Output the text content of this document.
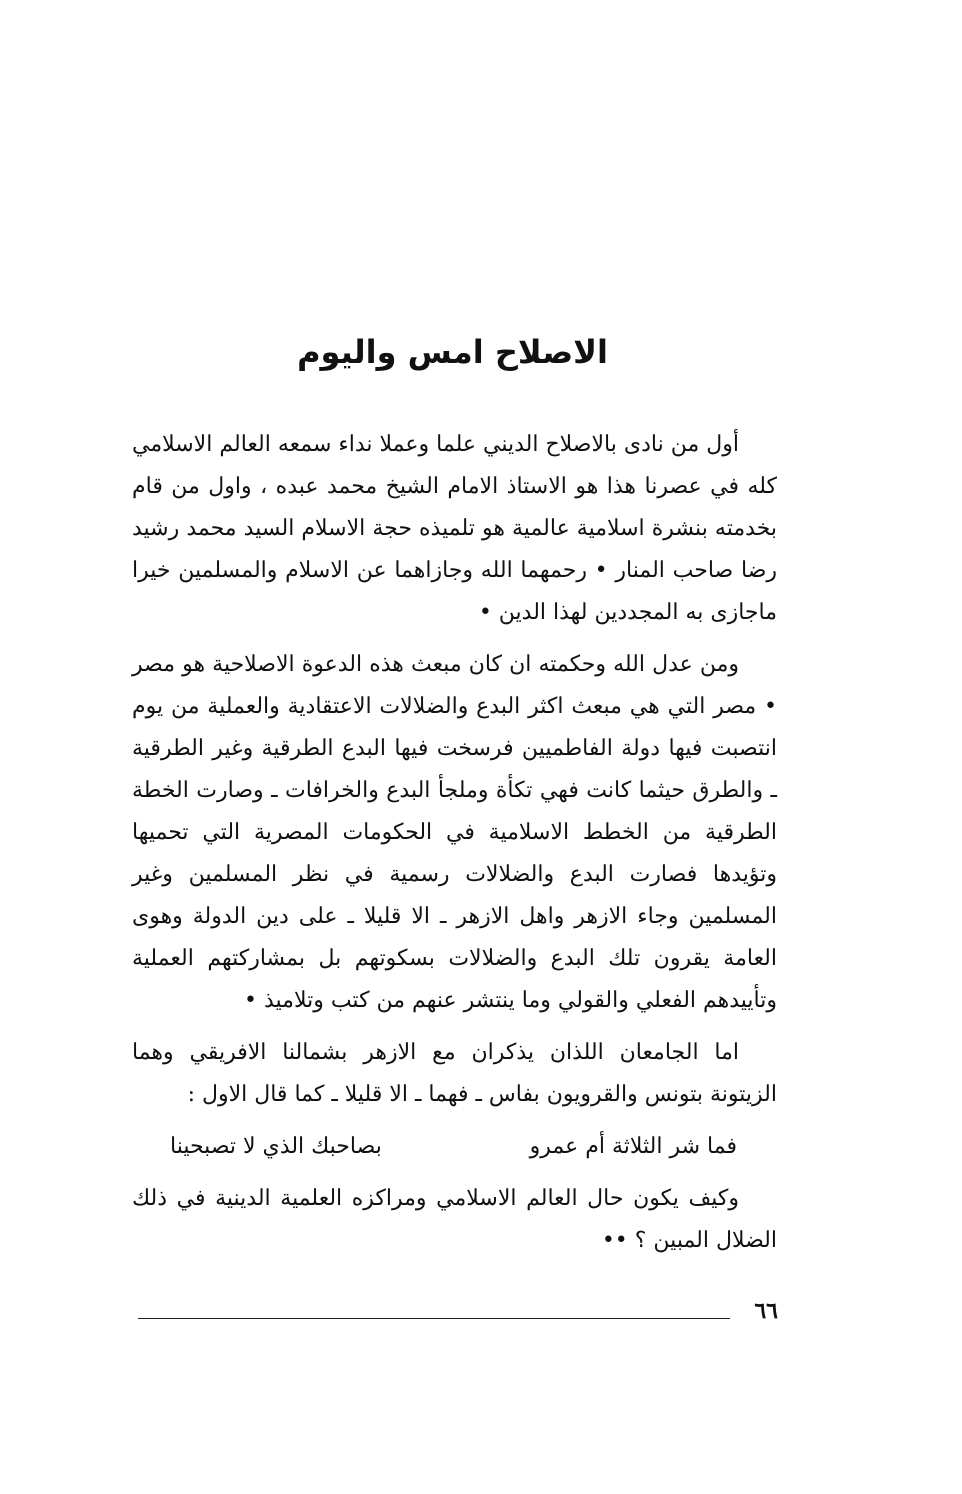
الاصلاح امس واليوم

أول من نادى بالاصلاح الديني علما وعملا نداء سمعه العالم الاسلامي كله في عصرنا هذا هو الاستاذ الامام الشيخ محمد عبده ، واول من قام بخدمته بنشرة اسلامية عالمية هو تلميذه حجة الاسلام السيد محمد رشيد رضا صاحب المنار • رحمهما الله وجازاهما عن الاسلام والمسلمين خيرا ماجازى به المجددين لهذا الدين •

ومن عدل الله وحكمته ان كان مبعث هذه الدعوة الاصلاحية هو مصر • مصر التي هي مبعث اكثر البدع والضلالات الاعتقادية والعملية من يوم انتصبت فيها دولة الفاطميين فرسخت فيها البدع الطرقية وغير الطرقية ـ والطرق حيثما كانت فهي تكأة وملجأ البدع والخرافات ـ وصارت الخطة الطرقية من الخطط الاسلامية في الحكومات المصرية التي تحميها وتؤيدها فصارت البدع والضلالات رسمية في نظر المسلمين وغير المسلمين وجاء الازهر واهل الازهر ـ الا قليلا ـ على دين الدولة وهوى العامة يقرون تلك البدع والضلالات بسكوتهم بل بمشاركتهم العملية وتأييدهم الفعلي والقولي وما ينتشر عنهم من كتب وتلاميذ •

اما الجامعان اللذان يذكران مع الازهر بشمالنا الافريقي وهما الزيتونة بتونس والقرويون بفاس ـ فهما ـ الا قليلا ـ كما قال الاول :

فما شر الثلاثة أم عمرو
بصاحبك الذي لا تصبحينا

وكيف يكون حال العالم الاسلامي ومراكزه العلمية الدينية في ذلك الضلال المبين ؟ ••

٦٦
